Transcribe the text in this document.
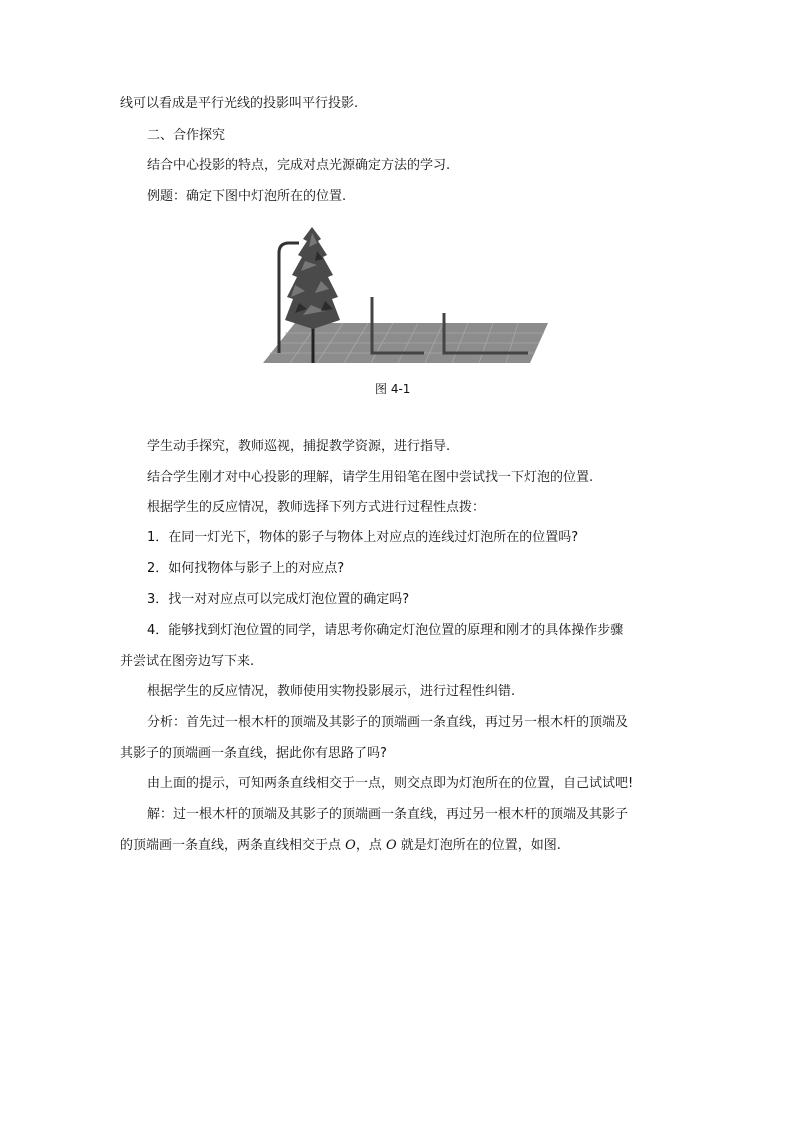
线可以看成是平行光线的投影叫平行投影.
二、合作探究
结合中心投影的特点，完成对点光源确定方法的学习.
例题：确定下图中灯泡所在的位置.
图 4-1
学生动手探究，教师巡视，捕捉教学资源，进行指导.
结合学生刚才对中心投影的理解，请学生用铅笔在图中尝试找一下灯泡的位置.
根据学生的反应情况，教师选择下列方式进行过程性点拨：
1．在同一灯光下，物体的影子与物体上对应点的连线过灯泡所在的位置吗?
2．如何找物体与影子上的对应点?
3．找一对对应点可以完成灯泡位置的确定吗?
4．能够找到灯泡位置的同学，请思考你确定灯泡位置的原理和刚才的具体操作步骤
并尝试在图旁边写下来.
根据学生的反应情况，教师使用实物投影展示，进行过程性纠错.
分析：首先过一根木杆的顶端及其影子的顶端画一条直线，再过另一根木杆的顶端及
其影子的顶端画一条直线，据此你有思路了吗?
由上面的提示，可知两条直线相交于一点，则交点即为灯泡所在的位置，自己试试吧!
解：过一根木杆的顶端及其影子的顶端画一条直线，再过另一根木杆的顶端及其影子
的顶端画一条直线，两条直线相交于点 O，点 O 就是灯泡所在的位置，如图.
